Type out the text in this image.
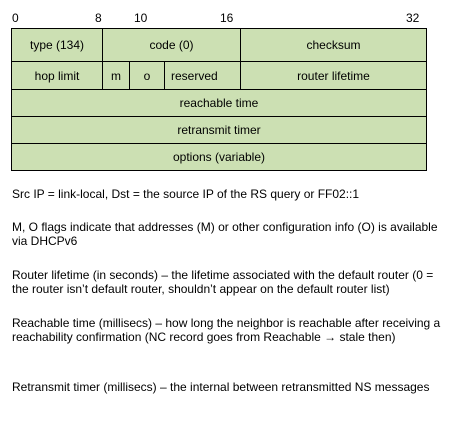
0	8	10	16	32
type (134)	code (0)	checksum
hop limit	m	o	reserved	router lifetime
reachable time
retransmit timer
options (variable)

Src IP = link-local, Dst = the source IP of the RS query or FF02::1

M, O flags indicate that addresses (M) or other configuration info (O) is available via DHCPv6

Router lifetime (in seconds) – the lifetime associated with the default router (0 = the router isn’t default router, shouldn’t appear on the default router list)

Reachable time (millisecs) – how long the neighbor is reachable after receiving a reachability confirmation (NC record goes from Reachable → stale then)

Retransmit timer (millisecs) – the internal between retransmitted NS messages
